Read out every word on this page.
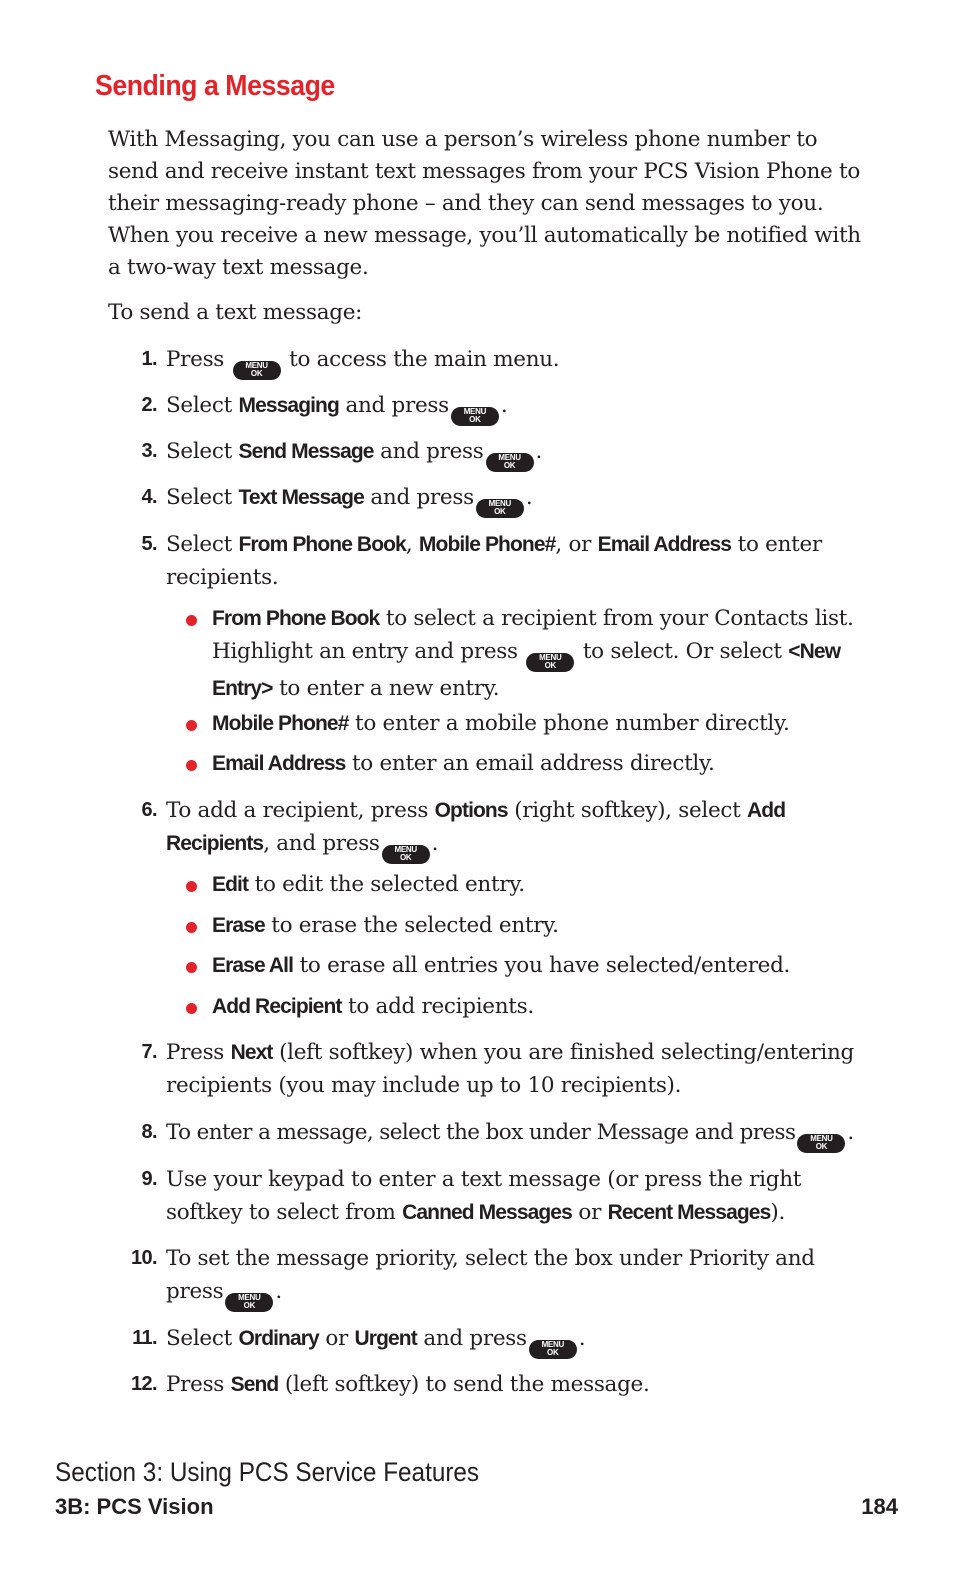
Sending a Message

With Messaging, you can use a person’s wireless phone number to send and receive instant text messages from your PCS Vision Phone to their messaging-ready phone – and they can send messages to you. When you receive a new message, you’ll automatically be notified with a two-way text message.

To send a text message:

1. Press	MENU
OK
to access the main menu.
2. Select Messaging and press MENU
OK
.
3. Select Send Message and press MENU
OK
.
4. Select Text Message and press MENU
OK
.
5. Select From Phone Book, Mobile Phone#, or Email Address to enter recipients.
From Phone Book to select a recipient from your Contacts list. Highlight an entry and press	MENU
OK
to select. Or select <New Entry> to enter a new entry.
Mobile Phone# to enter a mobile phone number directly.
Email Address to enter an email address directly.
6. To add a recipient, press Options (right softkey), select Add Recipients, and press MENU
OK
.
Edit to edit the selected entry.
Erase to erase the selected entry.
Erase All to erase all entries you have selected/entered.
Add Recipient to add recipients.
7. Press Next (left softkey) when you are finished selecting/entering recipients (you may include up to 10 recipients).
8. To enter a message, select the box under Message and press MENU
OK
.
9. Use your keypad to enter a text message (or press the right softkey to select from Canned Messages or Recent Messages).
10. To set the message priority, select the box under Priority and press MENU
OK
.
11. Select Ordinary or Urgent and press MENU
OK
.
12. Press Send (left softkey) to send the message.
Section 3: Using PCS Service Features
3B: PCS Vision	184
